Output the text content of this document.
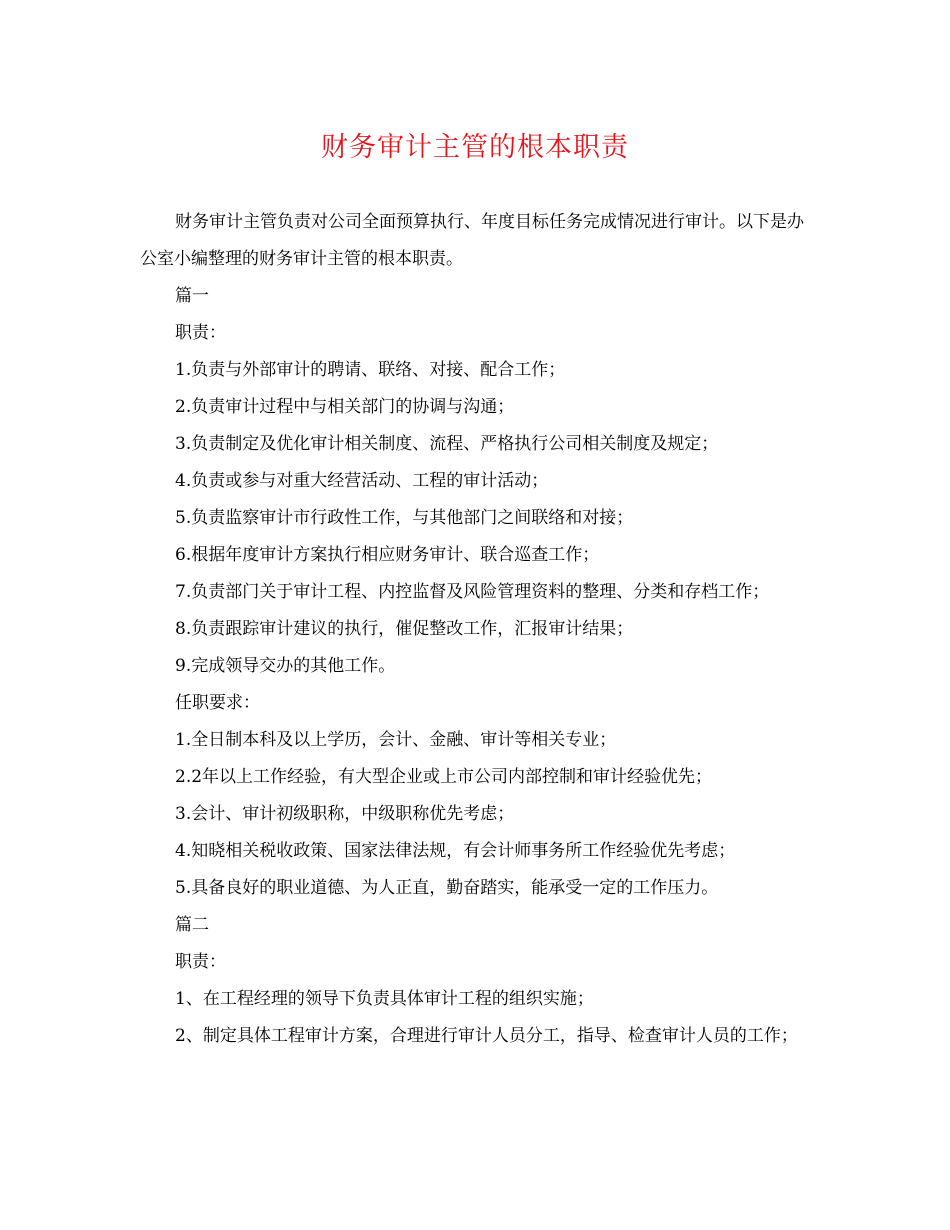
财务审计主管的根本职责

财务审计主管负责对公司全面预算执行、年度目标任务完成情况进行审计。以下是办公室小编整理的财务审计主管的根本职责。

篇一

职责：

1.负责与外部审计的聘请、联络、对接、配合工作；

2.负责审计过程中与相关部门的协调与沟通；

3.负责制定及优化审计相关制度、流程、严格执行公司相关制度及规定；

4.负责或参与对重大经营活动、工程的审计活动；

5.负责监察审计市行政性工作，与其他部门之间联络和对接；

6.根据年度审计方案执行相应财务审计、联合巡查工作；

7.负责部门关于审计工程、内控监督及风险管理资料的整理、分类和存档工作；

8.负责跟踪审计建议的执行，催促整改工作，汇报审计结果；

9.完成领导交办的其他工作。

任职要求：

1.全日制本科及以上学历，会计、金融、审计等相关专业；

2.2年以上工作经验，有大型企业或上市公司内部控制和审计经验优先；

3.会计、审计初级职称，中级职称优先考虑；

4.知晓相关税收政策、国家法律法规，有会计师事务所工作经验优先考虑；

5.具备良好的职业道德、为人正直，勤奋踏实，能承受一定的工作压力。

篇二

职责：

1、在工程经理的领导下负责具体审计工程的组织实施；

2、制定具体工程审计方案，合理进行审计人员分工，指导、检查审计人员的工作；
